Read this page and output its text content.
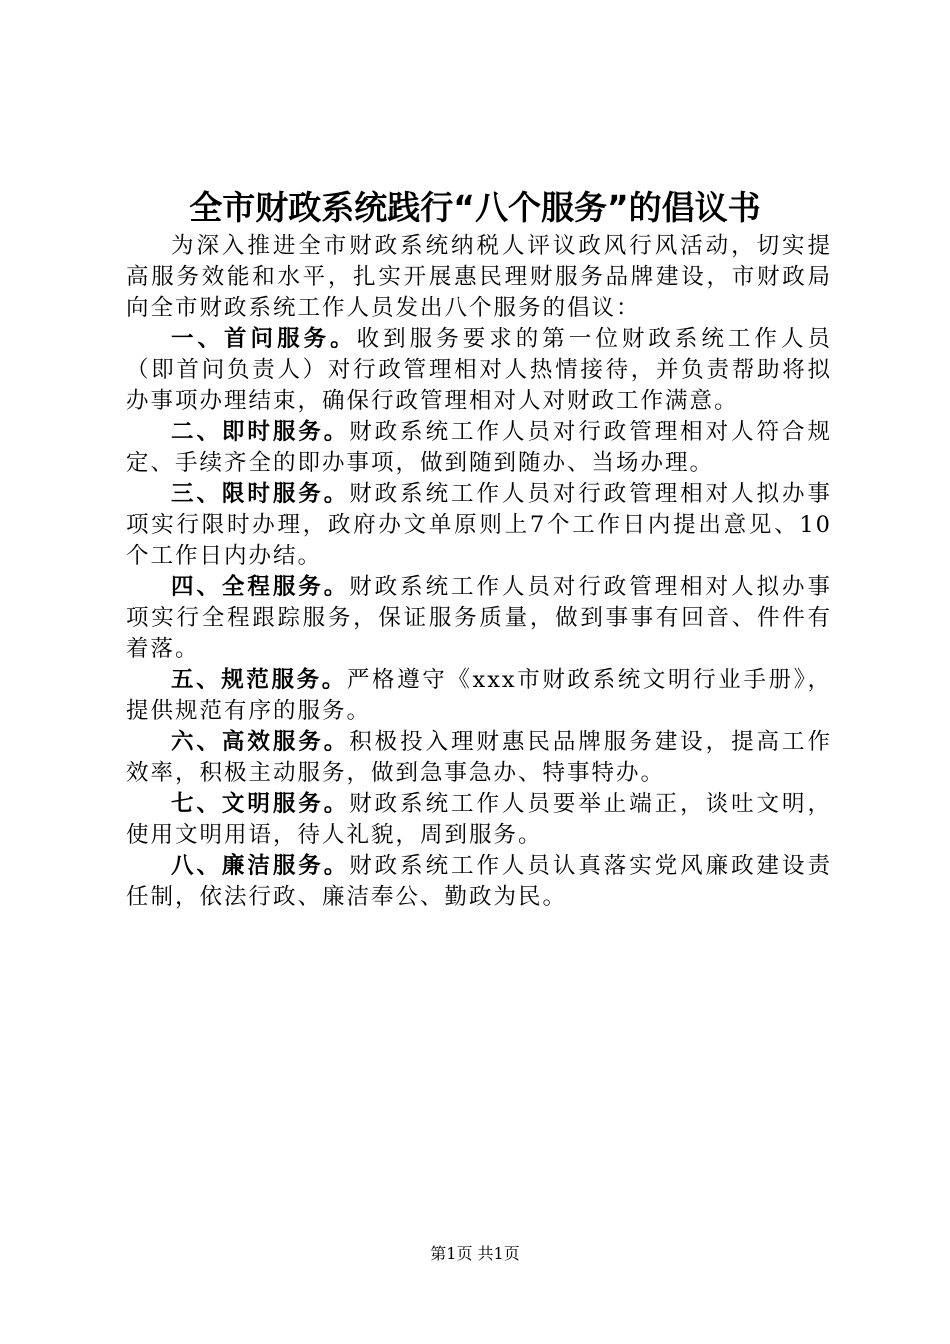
全市财政系统践行“八个服务”的倡议书

为深入推进全市财政系统纳税人评议政风行风活动，切实提高服务效能和水平，扎实开展惠民理财服务品牌建设，市财政局向全市财政系统工作人员发出八个服务的倡议：

一、首问服务。收到服务要求的第一位财政系统工作人员（即首问负责人）对行政管理相对人热情接待，并负责帮助将拟办事项办理结束，确保行政管理相对人对财政工作满意。

二、即时服务。财政系统工作人员对行政管理相对人符合规定、手续齐全的即办事项，做到随到随办、当场办理。

三、限时服务。财政系统工作人员对行政管理相对人拟办事项实行限时办理，政府办文单原则上7个工作日内提出意见、10个工作日内办结。

四、全程服务。财政系统工作人员对行政管理相对人拟办事项实行全程跟踪服务，保证服务质量，做到事事有回音、件件有着落。

五、规范服务。严格遵守《xxx市财政系统文明行业手册》，提供规范有序的服务。

六、高效服务。积极投入理财惠民品牌服务建设，提高工作效率，积极主动服务，做到急事急办、特事特办。

七、文明服务。财政系统工作人员要举止端正，谈吐文明，使用文明用语，待人礼貌，周到服务。

八、廉洁服务。财政系统工作人员认真落实党风廉政建设责任制，依法行政、廉洁奉公、勤政为民。

第1页 共1页
